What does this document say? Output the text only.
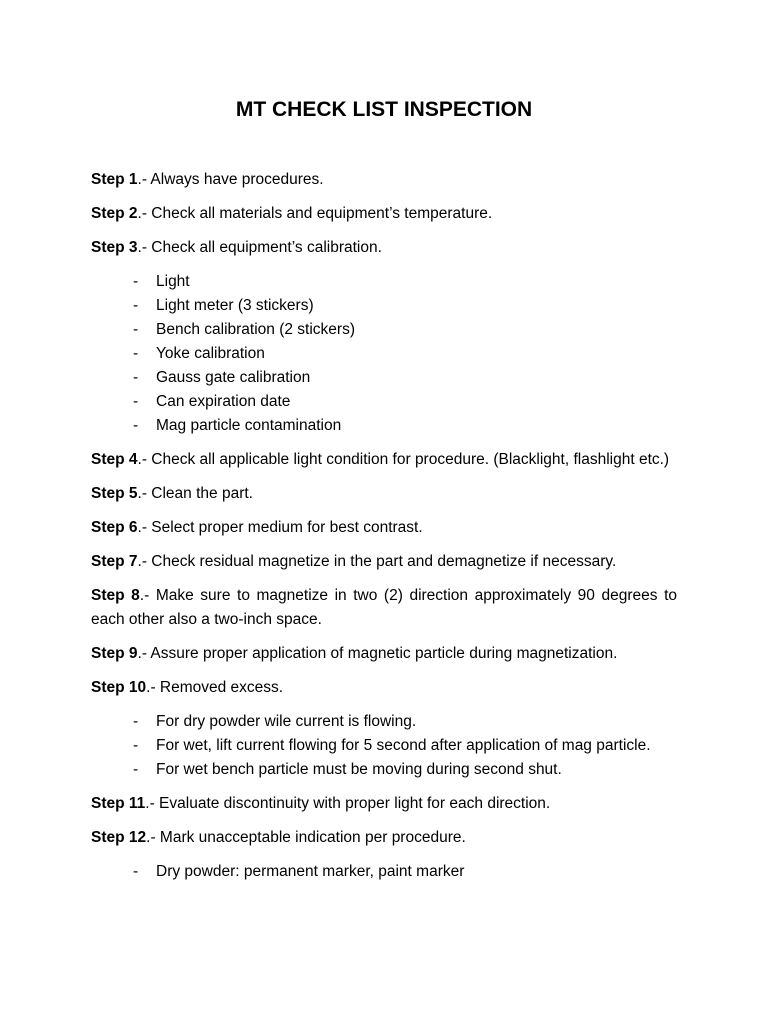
MT CHECK LIST INSPECTION

Step 1.- Always have procedures.

Step 2.- Check all materials and equipment’s temperature.

Step 3.- Check all equipment’s calibration.

- Light
- Light meter (3 stickers)
- Bench calibration (2 stickers)
- Yoke calibration
- Gauss gate calibration
- Can expiration date
- Mag particle contamination

Step 4.- Check all applicable light condition for procedure. (Blacklight, flashlight etc.)

Step 5.- Clean the part.

Step 6.- Select proper medium for best contrast.

Step 7.- Check residual magnetize in the part and demagnetize if necessary.

Step 8.- Make sure to magnetize in two (2) direction approximately 90 degrees to each other also a two-inch space.

Step 9.- Assure proper application of magnetic particle during magnetization.

Step 10.- Removed excess.

- For dry powder wile current is flowing.
- For wet, lift current flowing for 5 second after application of mag particle.
- For wet bench particle must be moving during second shut.

Step 11.- Evaluate discontinuity with proper light for each direction.

Step 12.- Mark unacceptable indication per procedure.

- Dry powder: permanent marker, paint marker
